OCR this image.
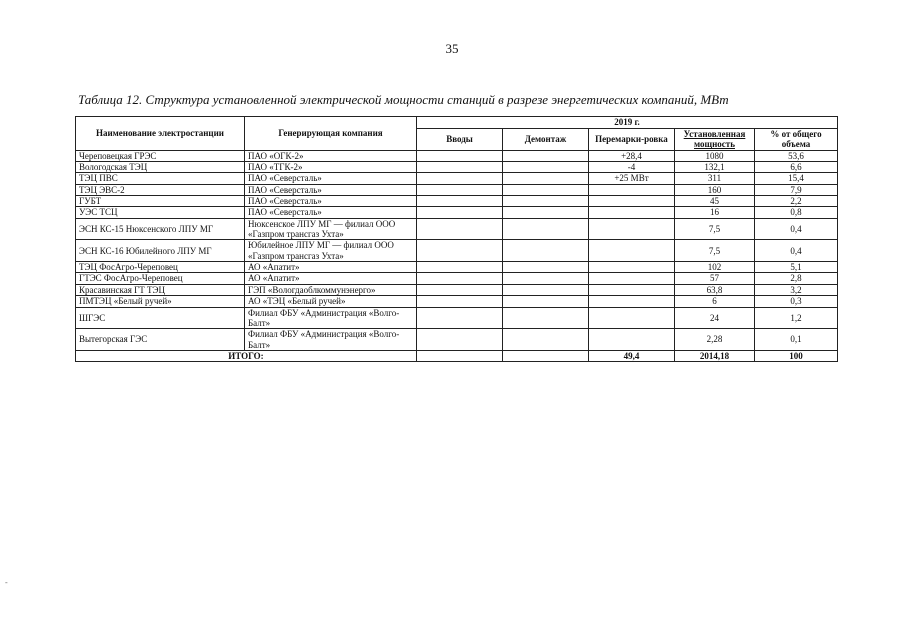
35
Таблица 12. Структура установленной электрической мощности станций в разрезе энергетических компаний, МВт
Наименование электростанции	Генерирующая компания	2019 г.				
		Вводы	Демонтаж	Перемарки-ровка	Установленная мощность	% от общего объема
Череповецкая ГРЭС	ПАО «ОГК-2»			+28,4	1080	53,6
Вологодская ТЭЦ	ПАО «ТГК-2»			-4	132,1	6,6
ТЭЦ ПВС	ПАО «Северсталь»			+25 МВт	311	15,4
ТЭЦ ЭВС-2	ПАО «Северсталь»				160	7,9
ГУБТ	ПАО «Северсталь»				45	2,2
УЭС ТСЦ	ПАО «Северсталь»				16	0,8
ЭСН КС-15 Нюксенского ЛПУ МГ	Нюксенское ЛПУ МГ — филиал ООО «Газпром трансгаз Ухта»				7,5	0,4
ЭСН КС-16 Юбилейного ЛПУ МГ	Юбилейное ЛПУ МГ — филиал ООО «Газпром трансгаз Ухта»				7,5	0,4
ТЭЦ ФосАгро-Череповец	АО «Апатит»				102	5,1
ГТЭС ФосАгро-Череповец	АО «Апатит»				57	2,8
Красавинская ГТ ТЭЦ	ГЭП «Вологдаоблкоммунэнерго»				63,8	3,2
ПМТЭЦ «Белый ручей»	АО «ТЭЦ «Белый ручей»				6	0,3
ШГЭС	Филиал ФБУ «Администрация «Волго-Балт»				24	1,2
Вытегорская ГЭС	Филиал ФБУ «Администрация «Волго-Балт»				2,28	0,1
ИТОГО:				49,4	2014,18	100
-
